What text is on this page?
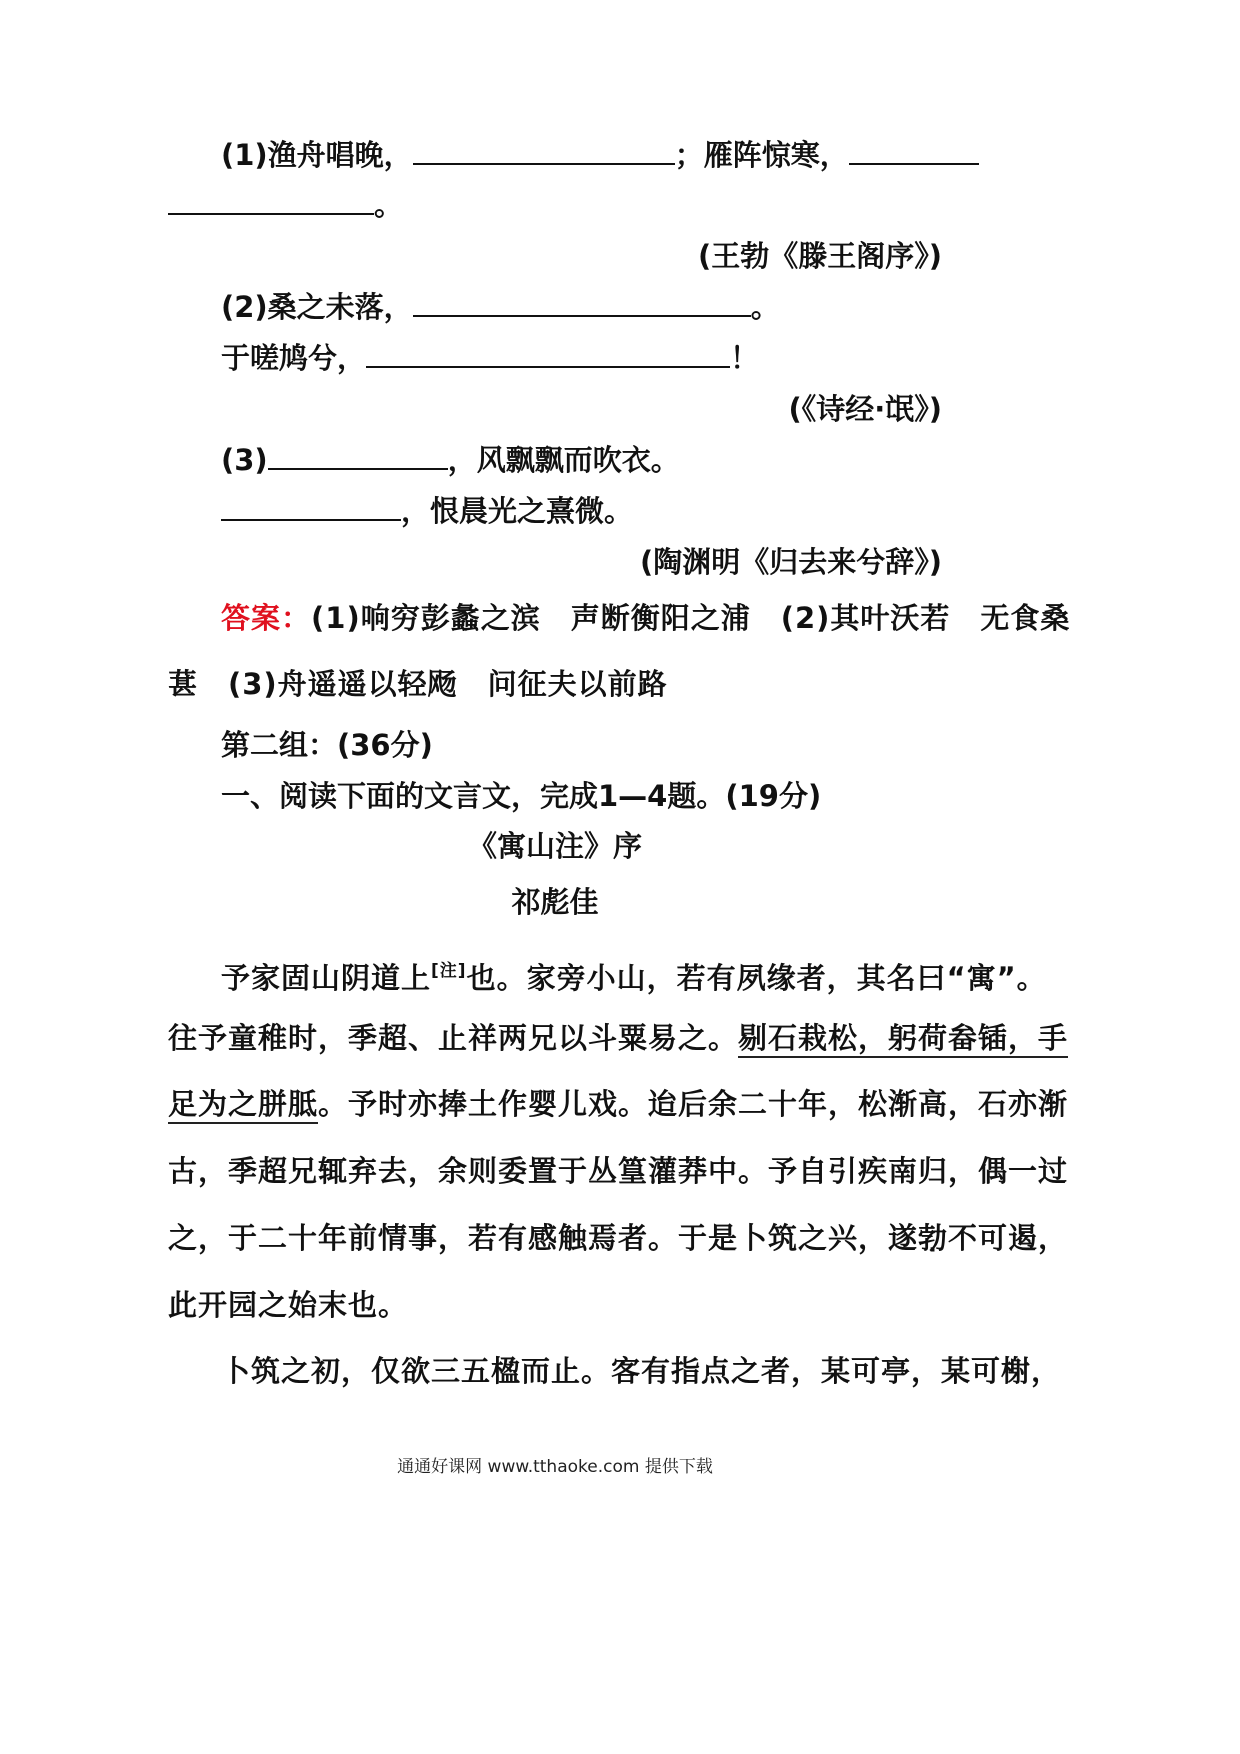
(1)渔舟唱晚，	；雁阵惊寒，
。
(王勃《滕王阁序》)
(2)桑之未落，	。
于嗟鸠兮，	！
(《诗经·氓》)
(3)	，风飘飘而吹衣。
，恨晨光之熹微。
(陶渊明《归去来兮辞》)
答案：(1)响穷彭蠡之滨　声断衡阳之浦　(2)其叶沃若　无食桑
葚　(3)舟遥遥以轻飏　问征夫以前路
第二组：(36分)
一、阅读下面的文言文，完成1—4题。(19分)
《寓山注》序
祁彪佳
予家固山阴道上[注]也。家旁小山，若有夙缘者，其名曰“寓”。
往予童稚时，季超、止祥两兄以斗粟易之。剔石栽松，躬荷畚锸，手
足为之胼胝。予时亦捧土作婴儿戏。迨后余二十年，松渐高，石亦渐
古，季超兄辄弃去，余则委置于丛篁灌莽中。予自引疾南归，偶一过
之，于二十年前情事，若有感触焉者。于是卜筑之兴，遂勃不可遏，
此开园之始末也。
卜筑之初，仅欲三五楹而止。客有指点之者，某可亭，某可榭，
通通好课网 www.tthaoke.com 提供下载
